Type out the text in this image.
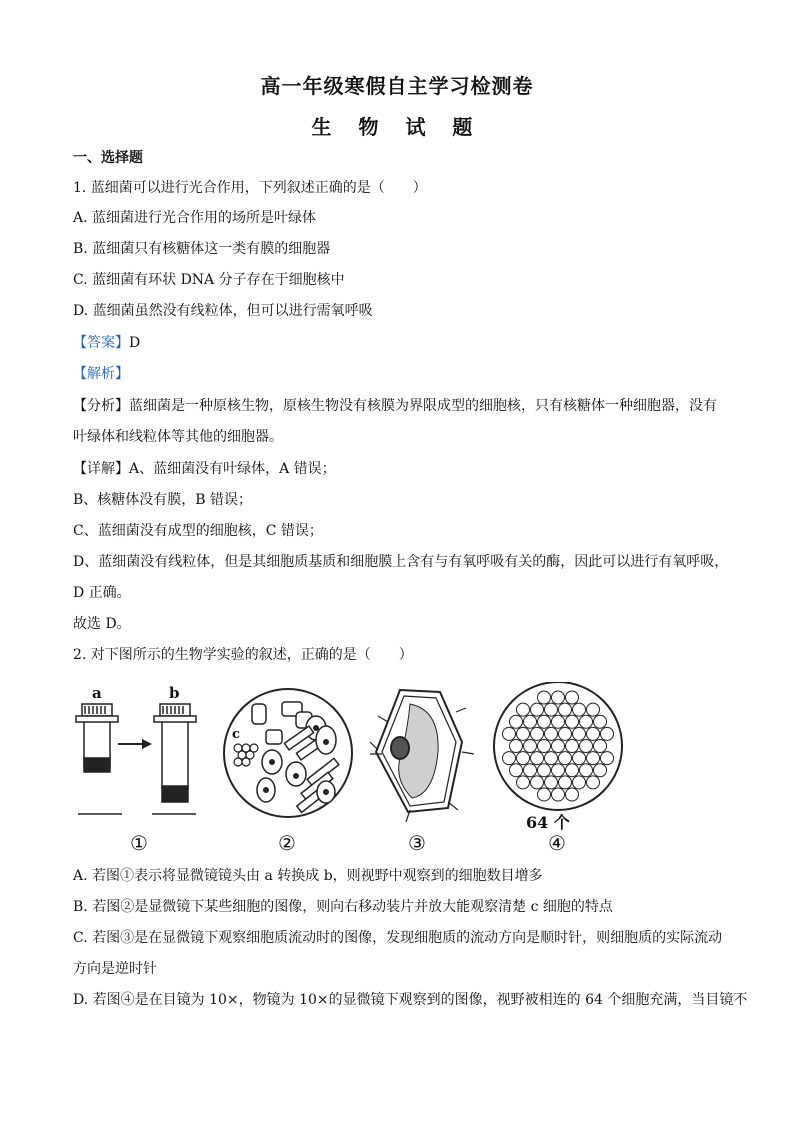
高一年级寒假自主学习检测卷
生 物 试 题
一、选择题
1. 蓝细菌可以进行光合作用，下列叙述正确的是（　　）
A. 蓝细菌进行光合作用的场所是叶绿体
B. 蓝细菌只有核糖体这一类有膜的细胞器
C. 蓝细菌有环状 DNA 分子存在于细胞核中
D. 蓝细菌虽然没有线粒体，但可以进行需氧呼吸
【答案】D
【解析】
【分析】蓝细菌是一种原核生物，原核生物没有核膜为界限成型的细胞核，只有核糖体一种细胞器，没有
叶绿体和线粒体等其他的细胞器。
【详解】A、蓝细菌没有叶绿体，A 错误；
B、核糖体没有膜，B 错误；
C、蓝细菌没有成型的细胞核，C 错误；
D、蓝细菌没有线粒体，但是其细胞质基质和细胞膜上含有与有氧呼吸有关的酶，因此可以进行有氧呼吸，
D 正确。
故选 D。
2. 对下图所示的生物学实验的叙述，正确的是（　　）
a	b
①
c
②	③
64 个
④
A. 若图①表示将显微镜镜头由 a 转换成 b，则视野中观察到的细胞数目增多
B. 若图②是显微镜下某些细胞的图像，则向右移动装片并放大能观察清楚 c 细胞的特点
C. 若图③是在显微镜下观察细胞质流动时的图像，发现细胞质的流动方向是顺时针，则细胞质的实际流动
方向是逆时针
D. 若图④是在目镜为 10×，物镜为 10×的显微镜下观察到的图像，视野被相连的 64 个细胞充满，当目镜不
